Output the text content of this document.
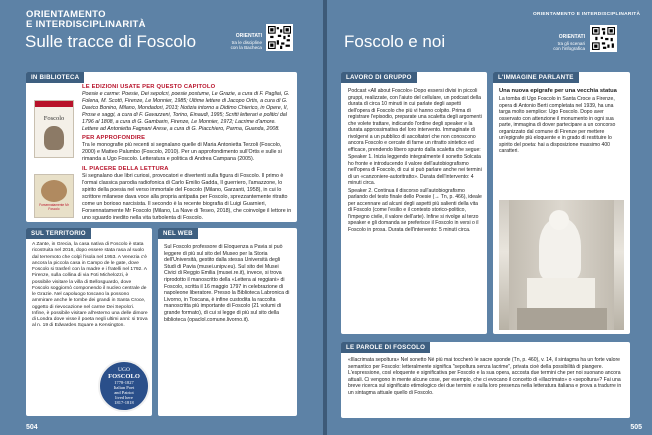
ORIENTAMENTO
E INTERDISCIPLINARITÀ
Sulle tracce di Foscolo	ORIENTATI
tra le discipline
con la Bacheca
IN BIBLIOTECA
Foscolo
Forsennatamente Mr Foscolo
LE EDIZIONI USATE PER QUESTO CAPITOLO
Poesie e carme: Poesie, Dei sepolcri, poesie postume, Le Grazie, a cura di F. Pagliai, G. Folena, M. Scotti, Firenze, Le Monnier, 1985; Ultime lettere di Jacopo Ortis, a cura di G. Davico Bonino, Milano, Mondadori, 2013; Notizia intorno a Didimo Chierico, in Opere, II, Prose e saggi, a cura di F. Gavazzeni, Torino, Einaudi, 1995; Scritti letterari e politici dal 1796 al 1808, a cura di G. Gambarin, Firenze, Le Monnier, 1972; Lacrime d'amore. Lettere ad Antonietta Fagnani Arese, a cura di G. Piacchiero, Parma, Guanda, 2008.
PER APPROFONDIRE
Tra le monografie più recenti si segnalano quelle di Maria Antonietta Terzoli (Foscolo, 2000) e Matteo Palumbo (Foscolo, 2010). Per un approfondimento sull'Ortis e sulle si rimanda a Ugo Foscolo. Letteratura e politica di Andrea Campana (2005).
IL PIACERE DELLA LETTURA
Si segnalano due libri curiosi, provocatori e divertenti sulla figura di Foscolo. Il primo è l'ormai classica parodia radiofonica di Carlo Emilio Gadda, Il guerriero, l'amazzone, lo spirito della poesia nel verso immortale del Foscolo (Milano, Garzanti, 1958), in cui lo scrittore milanese dava voce alla propria antipatia per Foscolo, sprezzantemente ritratto come un borioso narcisista. Il secondo è la recente biografia di Luigi Guarnieri, Forsennatamente Mr Foscolo (Milano, La Nave di Teseo, 2018), che coinvolge il lettore in uno sguardo inedito nella vita turbolenta di Foscolo.
SUL TERRITORIO
A Zante, in Grecia, la casa nativa di Foscolo è stata ricostruita nel 2016, dopo essere stata rasa al suolo dal terremoto che colpì l'isola nel 1953. A Venezia c'è ancora la piccola casa in Campo de le gate, dove Foscolo si trasferì con la madre e i fratelli nel 1792. A Firenze, sulla collina di via Foti Michelozzi, è possibile visitare la villa di Bellosguardo, dove Foscolo soggiornò componendo il nucleo centrale de le Grazie. Nel capoluogo toscano la possono ammirare anche le tombe dei grandi in Santa Croce, oggetto di rievocazione nel carme Dei Sepolcri. Infine, è possibile visitare all'esterno una delle dimore di Londra dove visse il poeta negli ultimi anni: si trova al n. 19 di Edwardes Square a Kensington.
UGO
FOSCOLO
1778-1827
Italian Poet
and Patriot
lived here
1817-1818
NEL WEB
Sul Foscolo professore di Eloquenza a Pavia si può leggere di più sul sito del Museo per la Storia dell'Università, gestito dalla stessa Università degli Studi di Pavia (musei.unipv.eu). Sul sito dei Musei Civici di Reggio Emilia (musei.re.it), invece, si trova riprodotto il manoscritto della «Lettera ai reggiani» di Foscolo, scritta il 16 maggio 1797 in celebrazione di napoleone liberatore. Presso la Biblioteca Labronica di Livorno, in Toscana, è infine custodita la raccolta manoscritta più importante di Foscolo (21 volumi di grande formato), di cui si legge di più sul sito della biblioteca (opaclol.comune.livorno.it).
504
ORIENTAMENTO E INTERDISCIPLINARITÀ
Foscolo e noi	ORIENTATI
tra gli scenari
con l'infografica
LAVORO DI GRUPPO
Podcast «All about Foscolo» Dopo essersi divisi in piccoli gruppi, realizzate, con l'aiuto del cellulare, un podcast della durata di circa 10 minuti in cui parlate degli aspetti dell'opera di Foscolo che più vi hanno colpito. Prima di registrare l'episodio, preparate una scaletta degli argomenti che volete trattare, indicando l'ordine degli speaker e la durata approssimativa del loro intervento. Immaginate di rivolgervi a un pubblico di ascoltatori che non conoscono ancora Foscolo e cercate di farne un ritratto sintetico ed efficace, prendendo libero spunto dalla scaletta che segue:
Speaker 1. Inizia leggendo integralmente il sonetto Solcata ho fronte e introducendo il valore dell'autobiografismo nell'opera di Foscolo, di cui si può parlare anche nei termini di un «canzoniere-autoritratto». Durata dell'intervento: 4 minuti circa.
Speaker 2. Continua il discorso sull'autobiografismo parlando del testo finale dello Poesie (→ Tn, p. 466), ideale per accennare ad alcuni degli aspetti più salienti della vita di Foscolo (come l'esilio e il contesto storico-politico, l'impegno civile, il valore dell'arte). Infine si rivolge al terzo speaker e gli domanda se preferisce il Foscolo in versi o il Foscolo in prosa. Durata dell'intervento: 5 minuti circa.
L'IMMAGINE PARLANTE
Una nuova epigrafe per una vecchia statua
La tomba di Ugo Foscolo in Santa Croce a Firenze, opera di Antonio Berti completata nel 1939, ha una targa molto semplice: Ugo Foscolo. Dopo aver osservato con attenzione il monumento in ogni sua parte, immagina di dover partecipare a un concorso organizzato dal comune di Firenze per mettere un'epigrafe più eloquente e in grado di restituire lo spirito del poeta: hai a disposizione massimo 400 caratteri.
LE PAROLE DI FOSCOLO
«Illacrimata sepoltura» Nel sonetto Né più mai toccherò le sacre sponde (Tn, p. 460), v. 14, il sintagma ha un forte valore semantico per Foscolo: letteralmente significa "sepoltura senza lacrime", privata cioè della possibilità di piangere. L'espressione, così eloquente e significativa per Foscolo e la sua opera, accosta due termini che per noi suonano ancora attuali. Ci vengono in mente alcune cose, per esempio, che ci evocano il concetto di «illacrimato» o «sepoltura»? Fai una breve ricerca sul significato etimologico dei due termini e sulla loro presenza nella letteratura italiana e prova a tradurre in un sintagma attuale quello di Foscolo.
505
